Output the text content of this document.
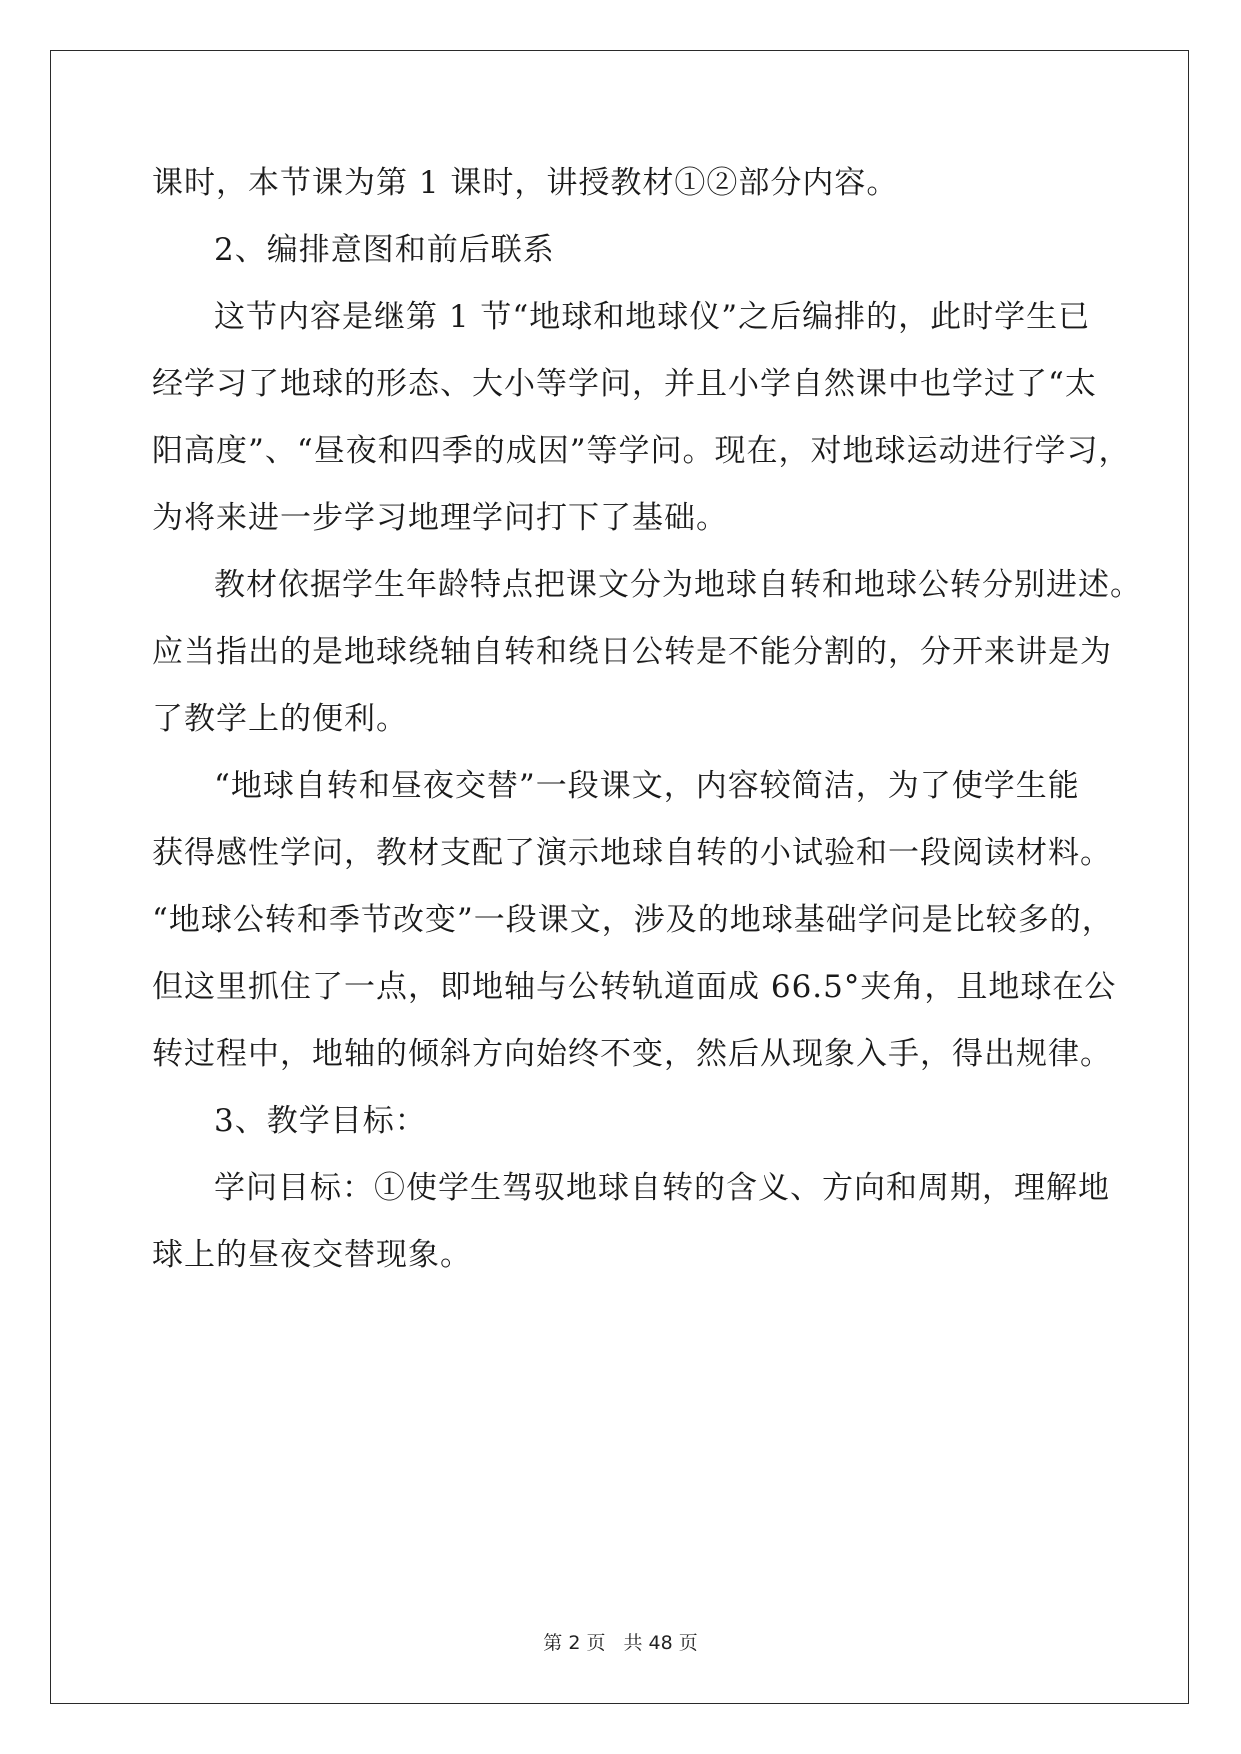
课时，本节课为第 1 课时，讲授教材①②部分内容。
2、编排意图和前后联系
这节内容是继第 1 节“地球和地球仪”之后编排的，此时学生已
经学习了地球的形态、大小等学问，并且小学自然课中也学过了“太
阳高度”、“昼夜和四季的成因”等学问。现在，对地球运动进行学习，
为将来进一步学习地理学问打下了基础。
教材依据学生年龄特点把课文分为地球自转和地球公转分别进述。
应当指出的是地球绕轴自转和绕日公转是不能分割的，分开来讲是为
了教学上的便利。
“地球自转和昼夜交替”一段课文，内容较简洁，为了使学生能
获得感性学问，教材支配了演示地球自转的小试验和一段阅读材料。
“地球公转和季节改变”一段课文，涉及的地球基础学问是比较多的，
但这里抓住了一点，即地轴与公转轨道面成 66.5°夹角，且地球在公
转过程中，地轴的倾斜方向始终不变，然后从现象入手，得出规律。
3、教学目标：
学问目标：①使学生驾驭地球自转的含义、方向和周期，理解地
球上的昼夜交替现象。
第 2 页 共 48 页
